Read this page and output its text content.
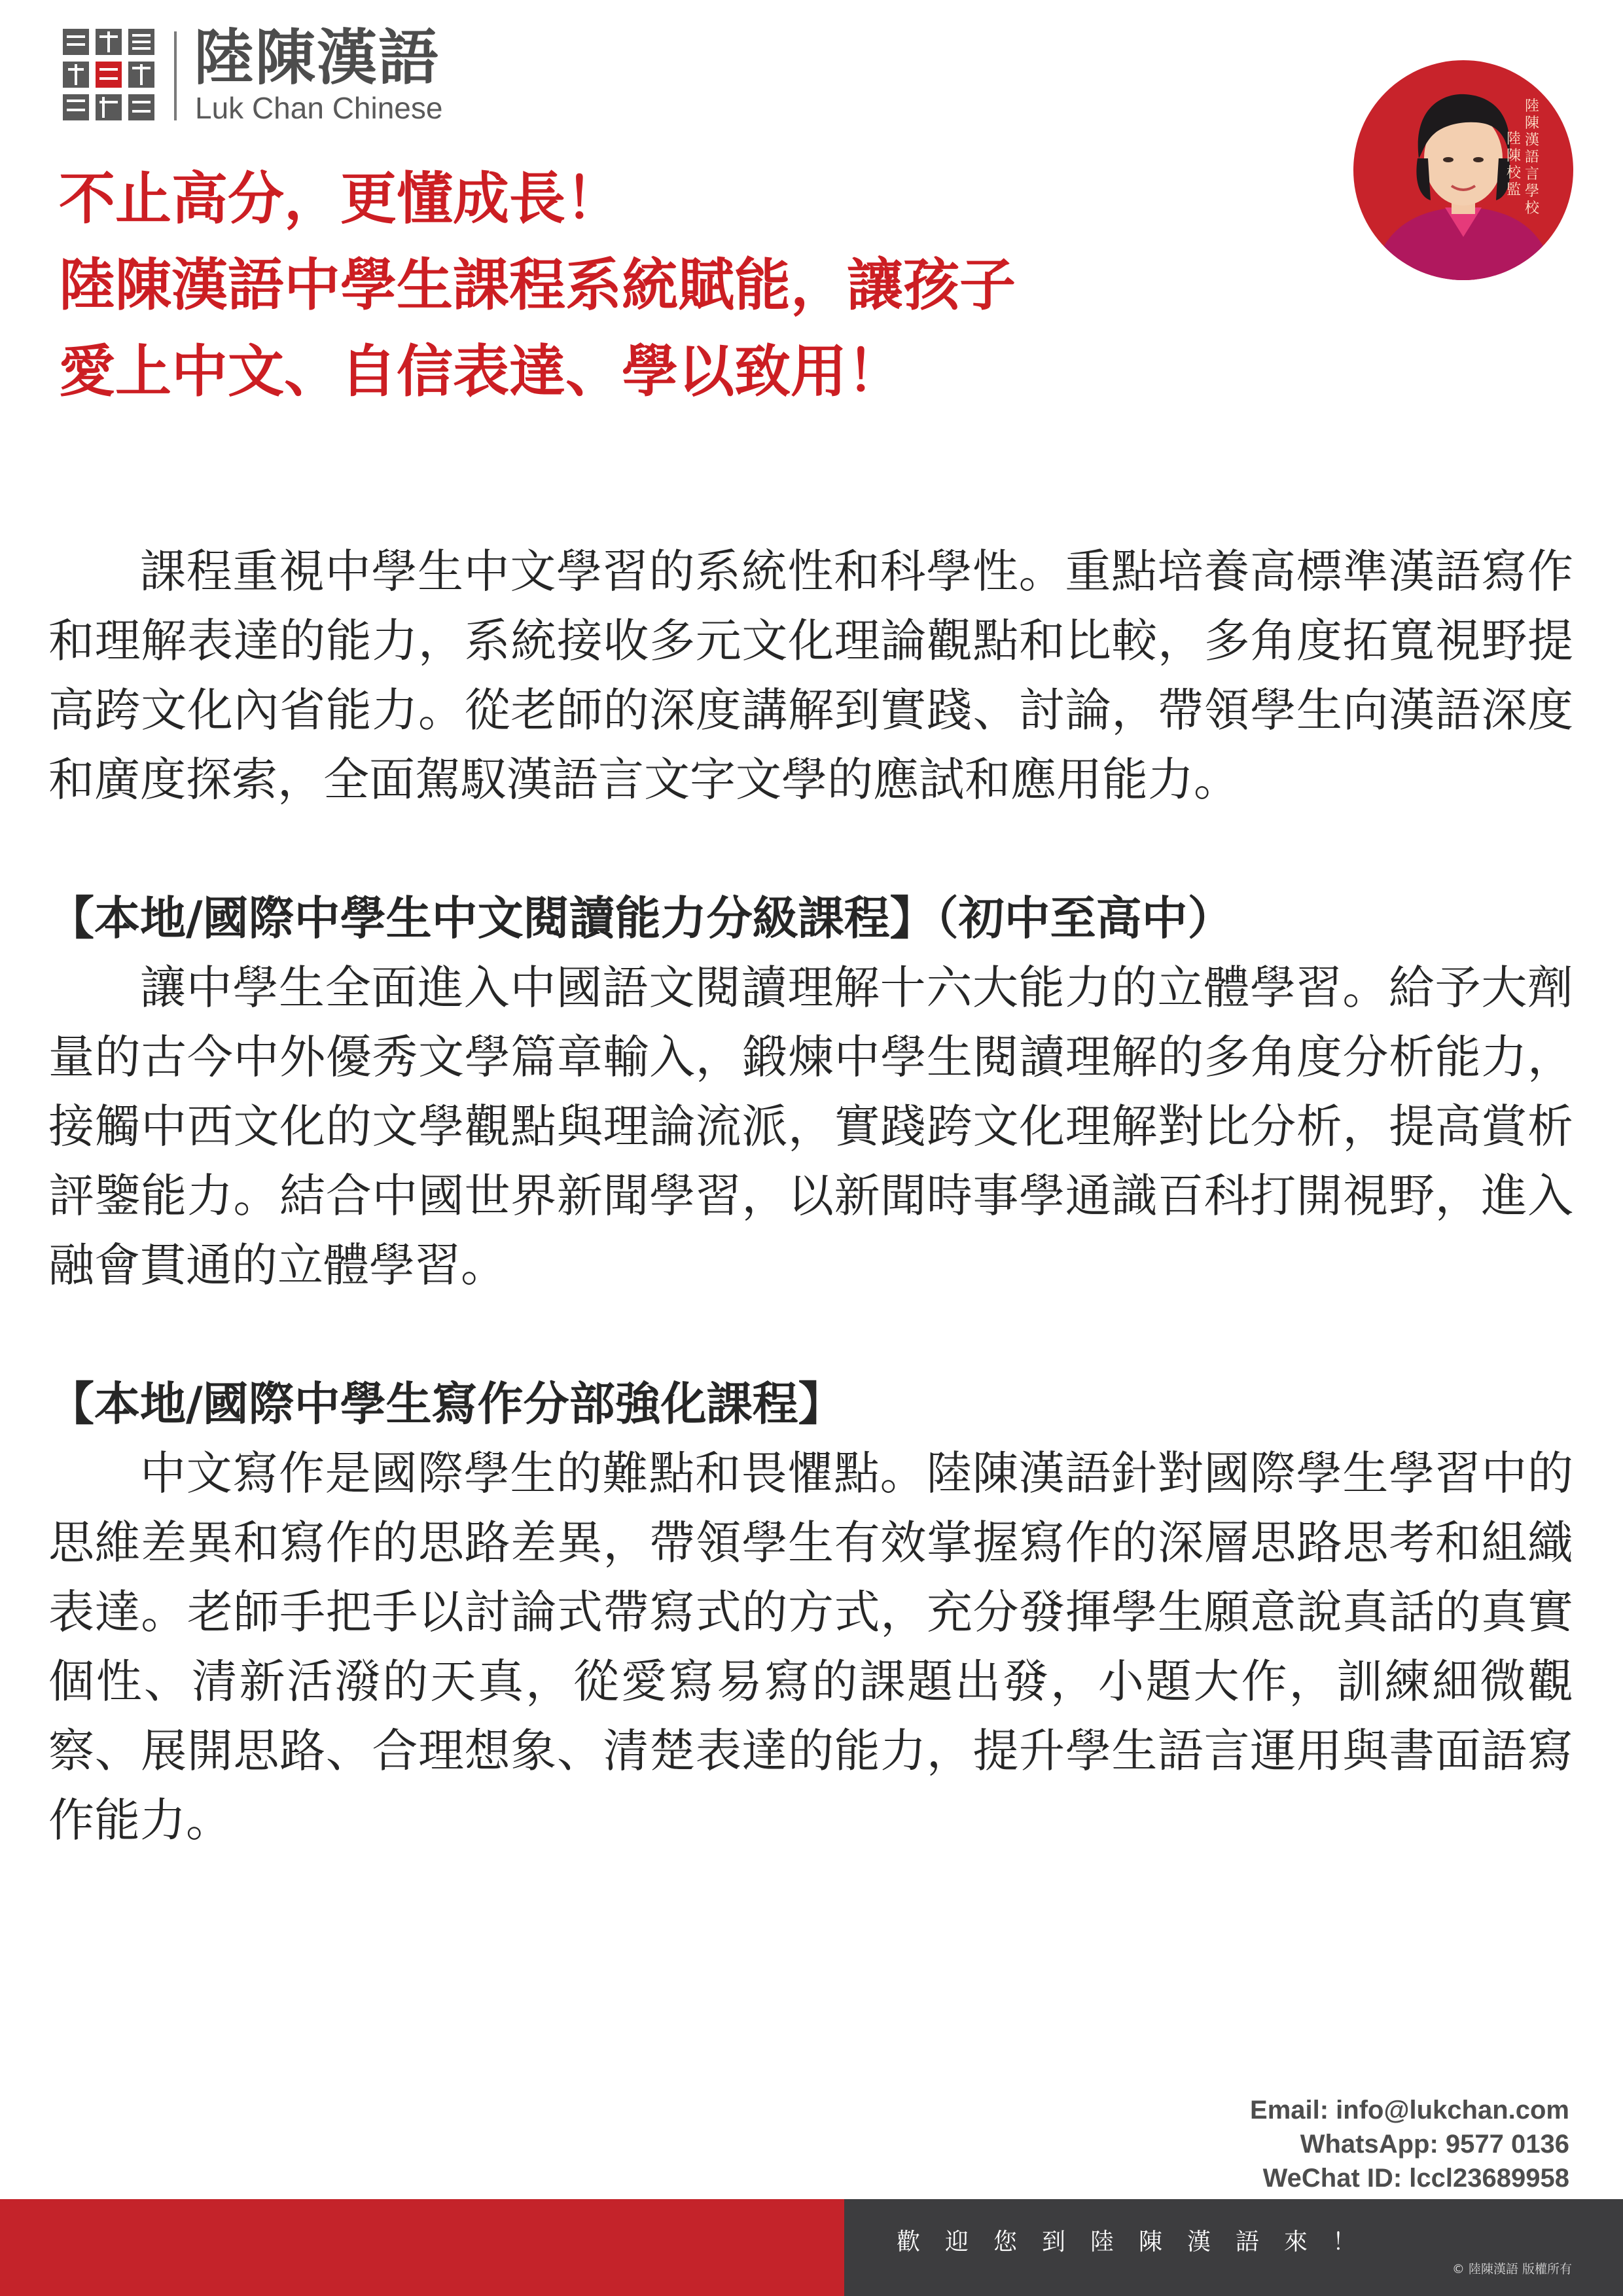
陸陳漢語
Luk Chan Chinese	陸陳漢語言學校
陸陳校監
不止高分，更懂成長！
陸陳漢語中學生課程系統賦能，讓孩子
愛上中文、自信表達、學以致用！

課程重視中學生中文學習的系統性和科學性。重點培養高標準漢語寫作和理解表達的能力，系統接收多元文化理論觀點和比較，多角度拓寬視野提高跨文化內省能力。從老師的深度講解到實踐、討論，帶領學生向漢語深度和廣度探索，全面駕馭漢語言文字文學的應試和應用能力。

【本地/國際中學生中文閱讀能力分級課程】（初中至高中）

讓中學生全面進入中國語文閱讀理解十六大能力的立體學習。給予大劑量的古今中外優秀文學篇章輸入，鍛煉中學生閱讀理解的多角度分析能力，接觸中西文化的文學觀點與理論流派，實踐跨文化理解對比分析，提高賞析評鑒能力。結合中國世界新聞學習，以新聞時事學通識百科打開視野，進入融會貫通的立體學習。

【本地/國際中學生寫作分部強化課程】

中文寫作是國際學生的難點和畏懼點。陸陳漢語針對國際學生學習中的思維差異和寫作的思路差異，帶領學生有效掌握寫作的深層思路思考和組織表達。老師手把手以討論式帶寫式的方式，充分發揮學生願意說真話的真實個性、清新活潑的天真，從愛寫易寫的課題出發，小題大作，訓練細微觀察、展開思路、合理想象、清楚表達的能力，提升學生語言運用與書面語寫作能力。

Email: info@lukchan.com
WhatsApp: 9577 0136
WeChat ID: lccl23689958
歡迎您到陸陳漢語來！
© 陸陳漢語 版權所有
